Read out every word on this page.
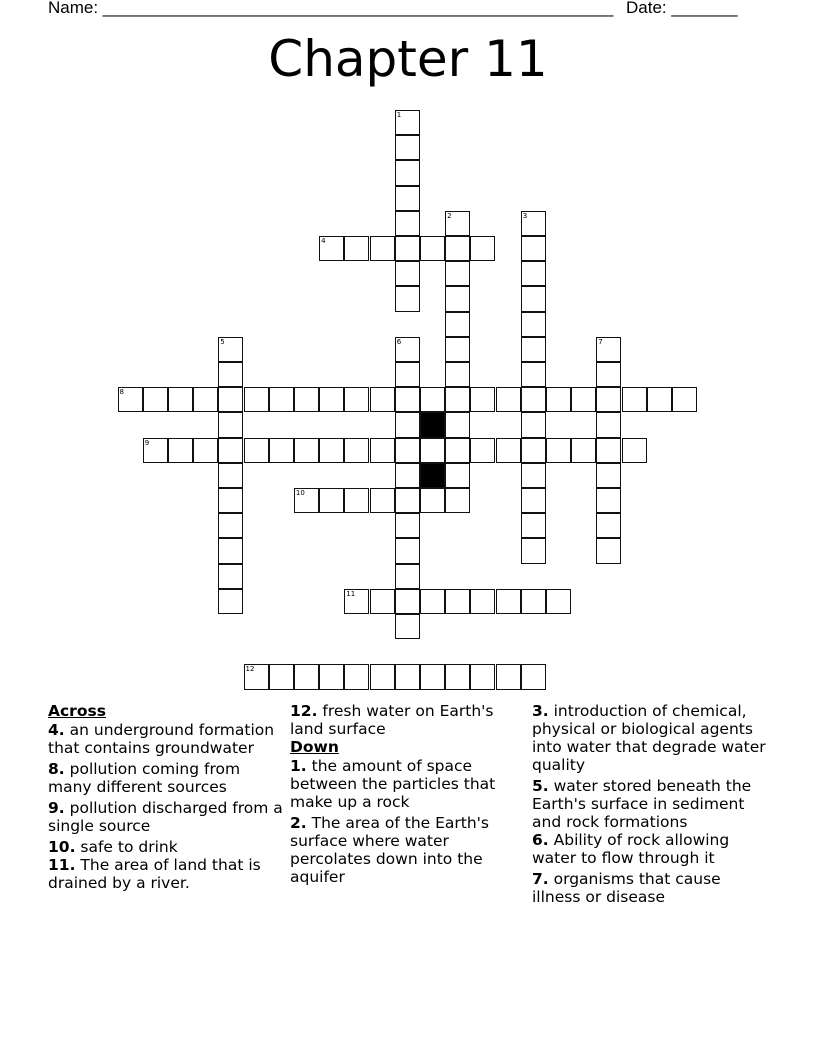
Name: ______________________________________________________ Date: _______
Chapter 11
1
2	3
4
5	6	7
8
9
10
11
12
Across
4. an underground formation that contains groundwater
8. pollution coming from many different sources
9. pollution discharged from a single source
10. safe to drink
11. The area of land that is drained by a river.
12. fresh water on Earth's land surface
Down
1. the amount of space between the particles that make up a rock
2. The area of the Earth's surface where water percolates down into the aquifer
3. introduction of chemical, physical or biological agents into water that degrade water quality
5. water stored beneath the Earth's surface in sediment and rock formations
6. Ability of rock allowing water to flow through it
7. organisms that cause illness or disease
